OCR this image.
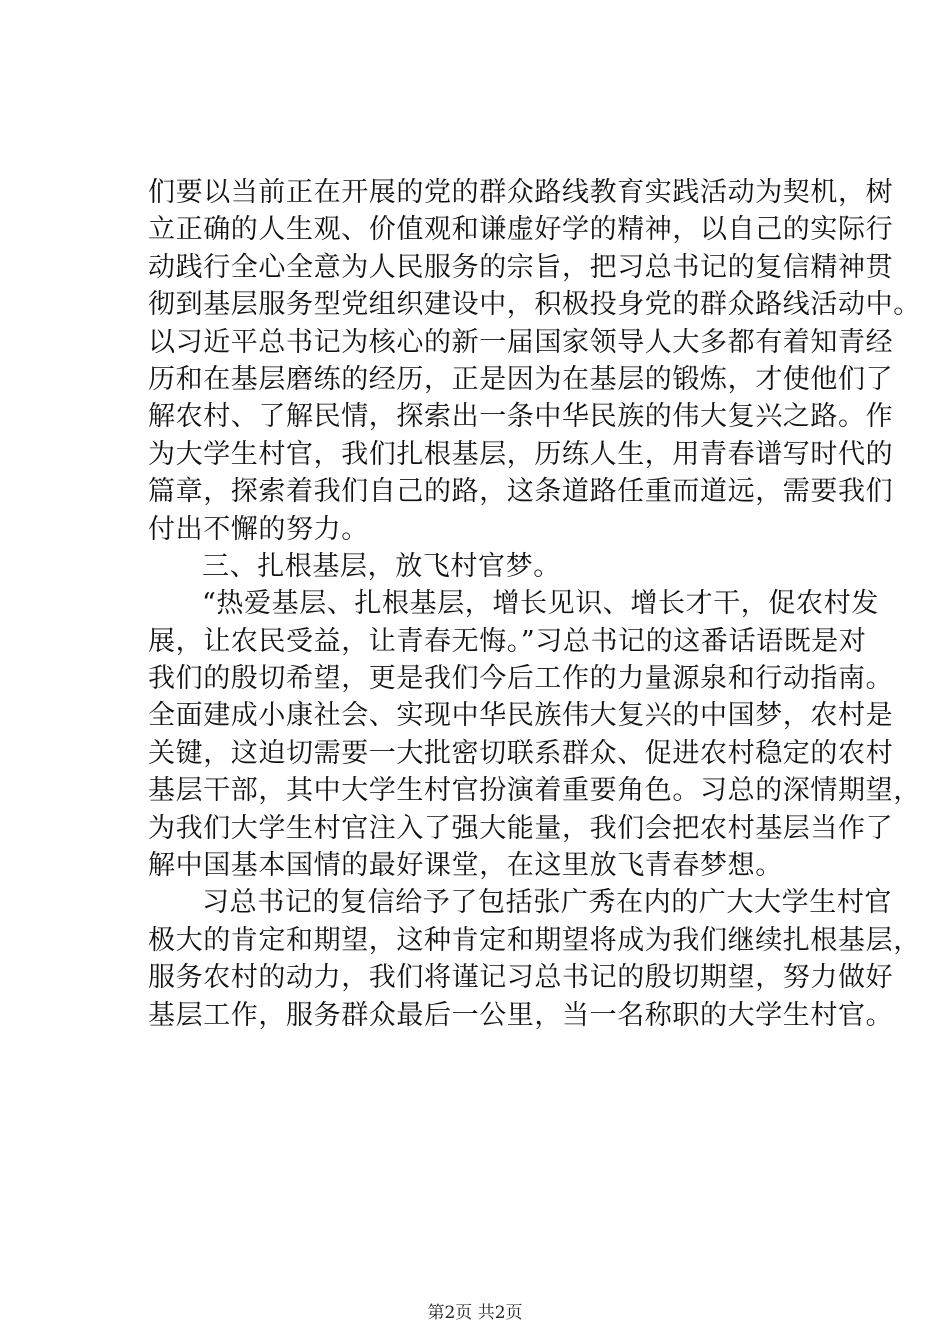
们要以当前正在开展的党的群众路线教育实践活动为契机，树
立正确的人生观、价值观和谦虚好学的精神，以自己的实际行
动践行全心全意为人民服务的宗旨，把习总书记的复信精神贯
彻到基层服务型党组织建设中，积极投身党的群众路线活动中。
以习近平总书记为核心的新一届国家领导人大多都有着知青经
历和在基层磨练的经历，正是因为在基层的锻炼，才使他们了
解农村、了解民情，探索出一条中华民族的伟大复兴之路。作
为大学生村官，我们扎根基层，历练人生，用青春谱写时代的
篇章，探索着我们自己的路，这条道路任重而道远，需要我们
付出不懈的努力。
三、扎根基层，放飞村官梦。
“热爱基层、扎根基层，增长见识、增长才干，促农村发
展，让农民受益，让青春无悔。”习总书记的这番话语既是对
我们的殷切希望，更是我们今后工作的力量源泉和行动指南。
全面建成小康社会、实现中华民族伟大复兴的中国梦，农村是
关键，这迫切需要一大批密切联系群众、促进农村稳定的农村
基层干部，其中大学生村官扮演着重要角色。习总的深情期望，
为我们大学生村官注入了强大能量，我们会把农村基层当作了
解中国基本国情的最好课堂，在这里放飞青春梦想。
习总书记的复信给予了包括张广秀在内的广大大学生村官
极大的肯定和期望，这种肯定和期望将成为我们继续扎根基层，
服务农村的动力，我们将谨记习总书记的殷切期望，努力做好
基层工作，服务群众最后一公里，当一名称职的大学生村官。
第2页 共2页
